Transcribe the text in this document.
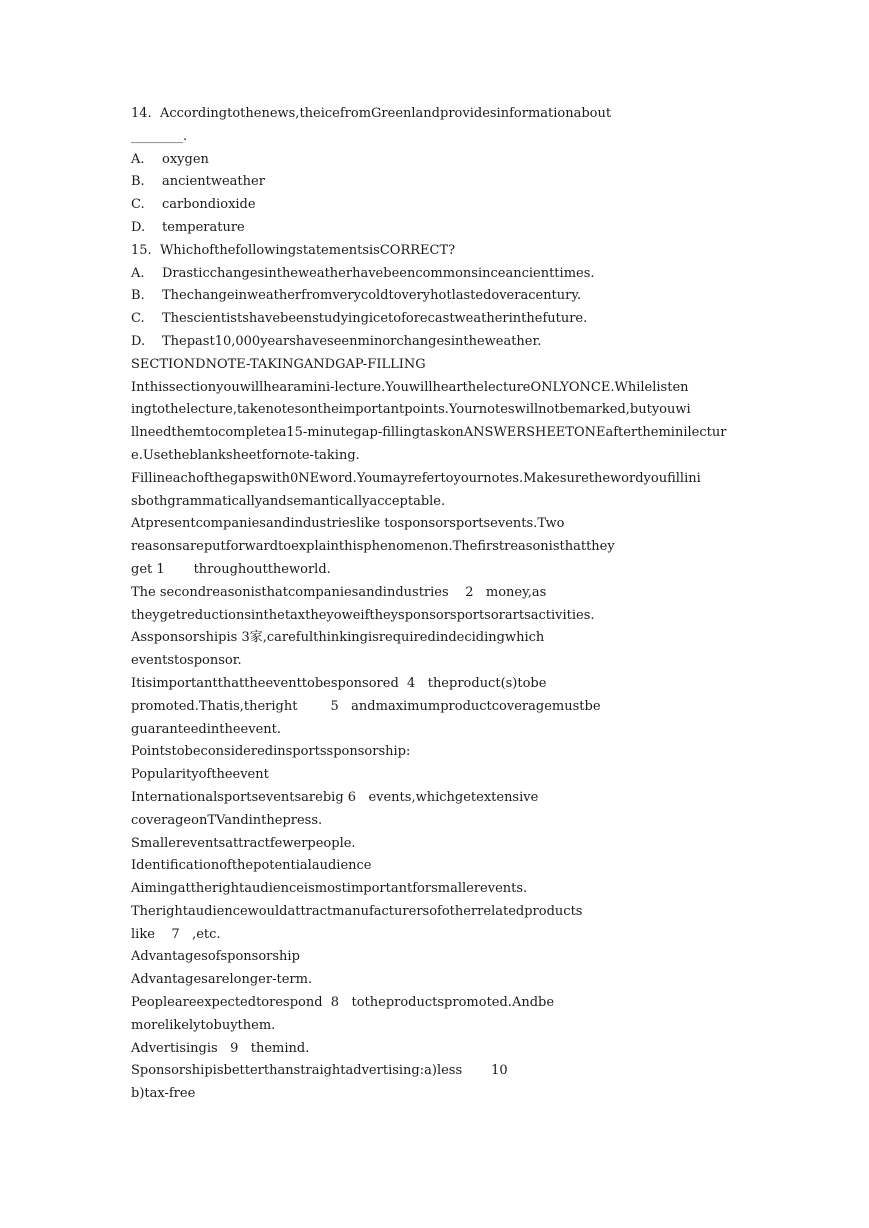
14.  Accordingtothenews,theicefromGreenlandprovidesinformationabout
________.
A. oxygen
B. ancientweather
C. carbondioxide
D. temperature
15.  WhichofthefollowingstatementsisCORRECT?
A. Drasticchangesintheweatherhavebeencommonsinceancienttimes.
B. Thechangeinweatherfromverycoldtoveryhotlastedoveracentury.
C. Thescientistshavebeenstudyingicetoforecastweatherinthefuture.
D. Thepast10,000yearshaveseenminorchangesintheweather.
SECTIONDNOTE-TAKINGANDGAP-FILLING
Inthissectionyouwillhearamini-lecture.YouwillhearthelectureONLYONCE.Whilelisten
ingtothelecture,takenotesontheimportantpoints.Yournoteswillnotbemarked,butyouwi
llneedthemtocompletea15-minutegap-fillingtaskonANSWERSHEETONEaftertheminilectur
e.Usetheblanksheetfornote-taking.
Fillineachofthegapswith0NEword.Youmayrefertoyournotes.Makesurethewordyoufillini
sbothgrammaticallyandsemanticallyacceptable.
Atpresentcompaniesandindustrieslike tosponsorsportsevents.Two
reasonsareputforwardtoexplainthisphenomenon.Thefirstreasonisthatthey
get 1       throughouttheworld.
The secondreasonisthatcompaniesandindustries    2   money,as
theygetreductionsinthetaxtheyoweiftheysponsorsportsorartsactivities.
Assponsorshipis 3家,carefulthinkingisrequiredindecidingwhich
eventstosponsor.
Itisimportantthattheeventtobesponsored  4   theproduct(s)tobe
promoted.Thatis,theright        5   andmaximumproductcoveragemustbe
guaranteedintheevent.
Pointstobeconsideredinsportssponsorship:
Popularityoftheevent
Internationalsportseventsarebig 6   events,whichgetextensive
coverageonTVandinthepress.
Smallereventsattractfewerpeople.
Identificationofthepotentialaudience
Aimingattherightaudienceismostimportantforsmallerevents.
Therightaudiencewouldattractmanufacturersofotherrelatedproducts
like    7   ,etc.
Advantagesofsponsorship
Advantagesarelonger-term.
Peopleareexpectedtorespond  8   totheproductspromoted.Andbe
morelikelytobuythem.
Advertisingis   9   themind.
Sponsorshipisbetterthanstraightadvertising:a)less       10
b)tax-free
